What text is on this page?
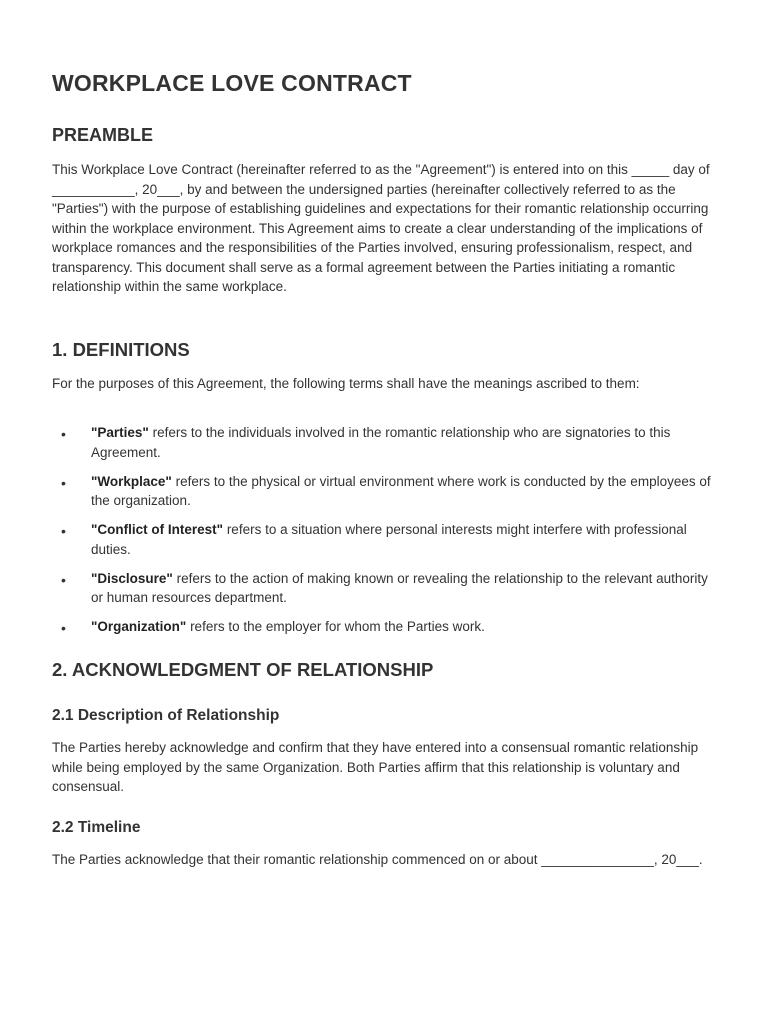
WORKPLACE LOVE CONTRACT
PREAMBLE

This Workplace Love Contract (hereinafter referred to as the "Agreement") is entered into on this _____ day of ___________, 20___, by and between the undersigned parties (hereinafter collectively referred to as the "Parties") with the purpose of establishing guidelines and expectations for their romantic relationship occurring within the workplace environment. This Agreement aims to create a clear understanding of the implications of workplace romances and the responsibilities of the Parties involved, ensuring professionalism, respect, and transparency. This document shall serve as a formal agreement between the Parties initiating a romantic relationship within the same workplace.

1. DEFINITIONS

For the purposes of this Agreement, the following terms shall have the meanings ascribed to them:

• "Parties" refers to the individuals involved in the romantic relationship who are signatories to this Agreement.
• "Workplace" refers to the physical or virtual environment where work is conducted by the employees of the organization.
• "Conflict of Interest" refers to a situation where personal interests might interfere with professional duties.
• "Disclosure" refers to the action of making known or revealing the relationship to the relevant authority or human resources department.
• "Organization" refers to the employer for whom the Parties work.
2. ACKNOWLEDGMENT OF RELATIONSHIP
2.1 Description of Relationship

The Parties hereby acknowledge and confirm that they have entered into a consensual romantic relationship while being employed by the same Organization. Both Parties affirm that this relationship is voluntary and consensual.

2.2 Timeline

The Parties acknowledge that their romantic relationship commenced on or about _______________, 20___.
